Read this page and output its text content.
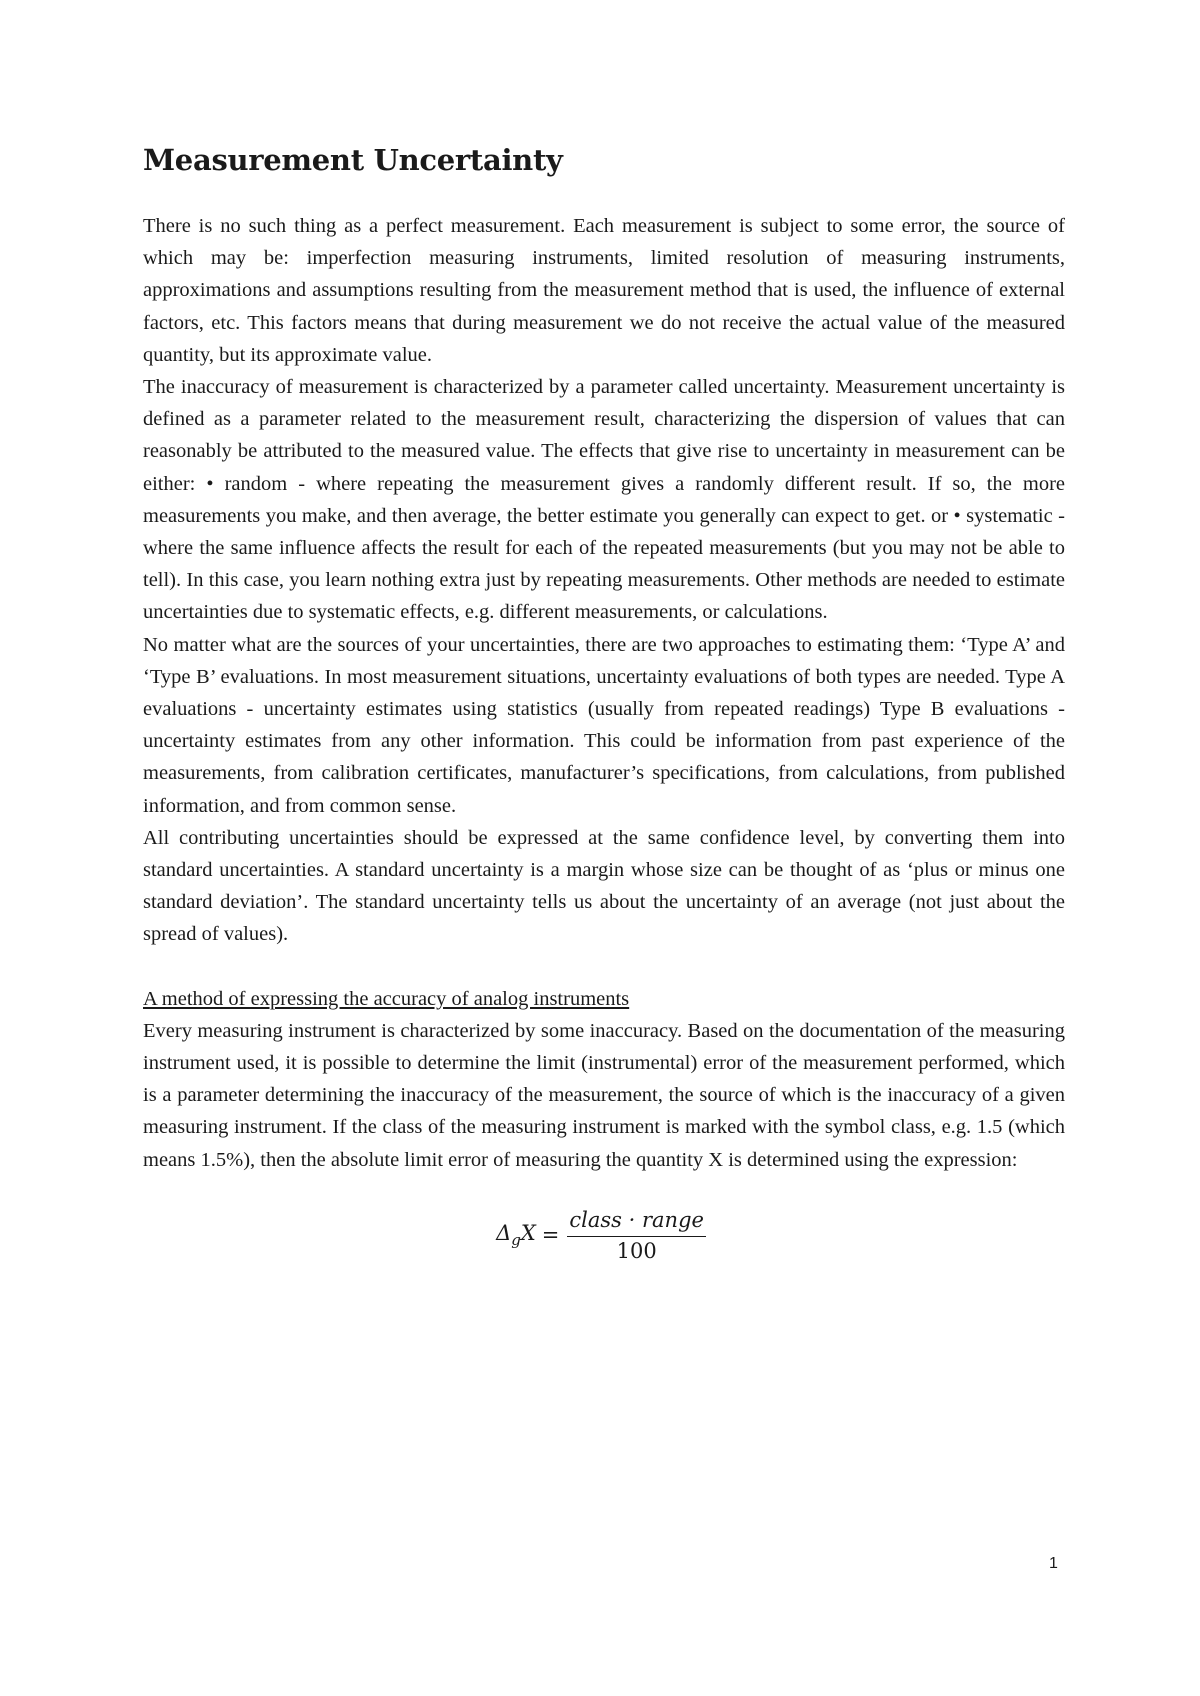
Measurement Uncertainty

There is no such thing as a perfect measurement. Each measurement is subject to some error, the source of which may be: imperfection measuring instruments, limited resolution of measuring instruments, approximations and assumptions resulting from the measurement method that is used, the influence of external factors, etc. This factors means that during measurement we do not receive the actual value of the measured quantity, but its approximate value.

The inaccuracy of measurement is characterized by a parameter called uncertainty. Measurement uncertainty is defined as a parameter related to the measurement result, characterizing the dispersion of values that can reasonably be attributed to the measured value. The effects that give rise to uncertainty in measurement can be either: • random - where repeating the measurement gives a randomly different result. If so, the more measurements you make, and then average, the better estimate you generally can expect to get. or • systematic - where the same influence affects the result for each of the repeated measurements (but you may not be able to tell). In this case, you learn nothing extra just by repeating measurements. Other methods are needed to estimate uncertainties due to systematic effects, e.g. different measurements, or calculations.

No matter what are the sources of your uncertainties, there are two approaches to estimating them: ‘Type A’ and ‘Type B’ evaluations. In most measurement situations, uncertainty evaluations of both types are needed. Type A evaluations - uncertainty estimates using statistics (usually from repeated readings) Type B evaluations - uncertainty estimates from any other information. This could be information from past experience of the measurements, from calibration certificates, manufacturer’s specifications, from calculations, from published information, and from common sense.

All contributing uncertainties should be expressed at the same confidence level, by converting them into standard uncertainties. A standard uncertainty is a margin whose size can be thought of as ‘plus or minus one standard deviation’. The standard uncertainty tells us about the uncertainty of an average (not just about the spread of values).

A method of expressing the accuracy of analog instruments

Every measuring instrument is characterized by some inaccuracy. Based on the documentation of the measuring instrument used, it is possible to determine the limit (instrumental) error of the measurement performed, which is a parameter determining the inaccuracy of the measurement, the source of which is the inaccuracy of a given measuring instrument. If the class of the measuring instrument is marked with the symbol class, e.g. 1.5 (which means 1.5%), then the absolute limit error of measuring the quantity X is determined using the expression:

$\Delta_gX = \frac{\text{class · range}}{100}$
1
